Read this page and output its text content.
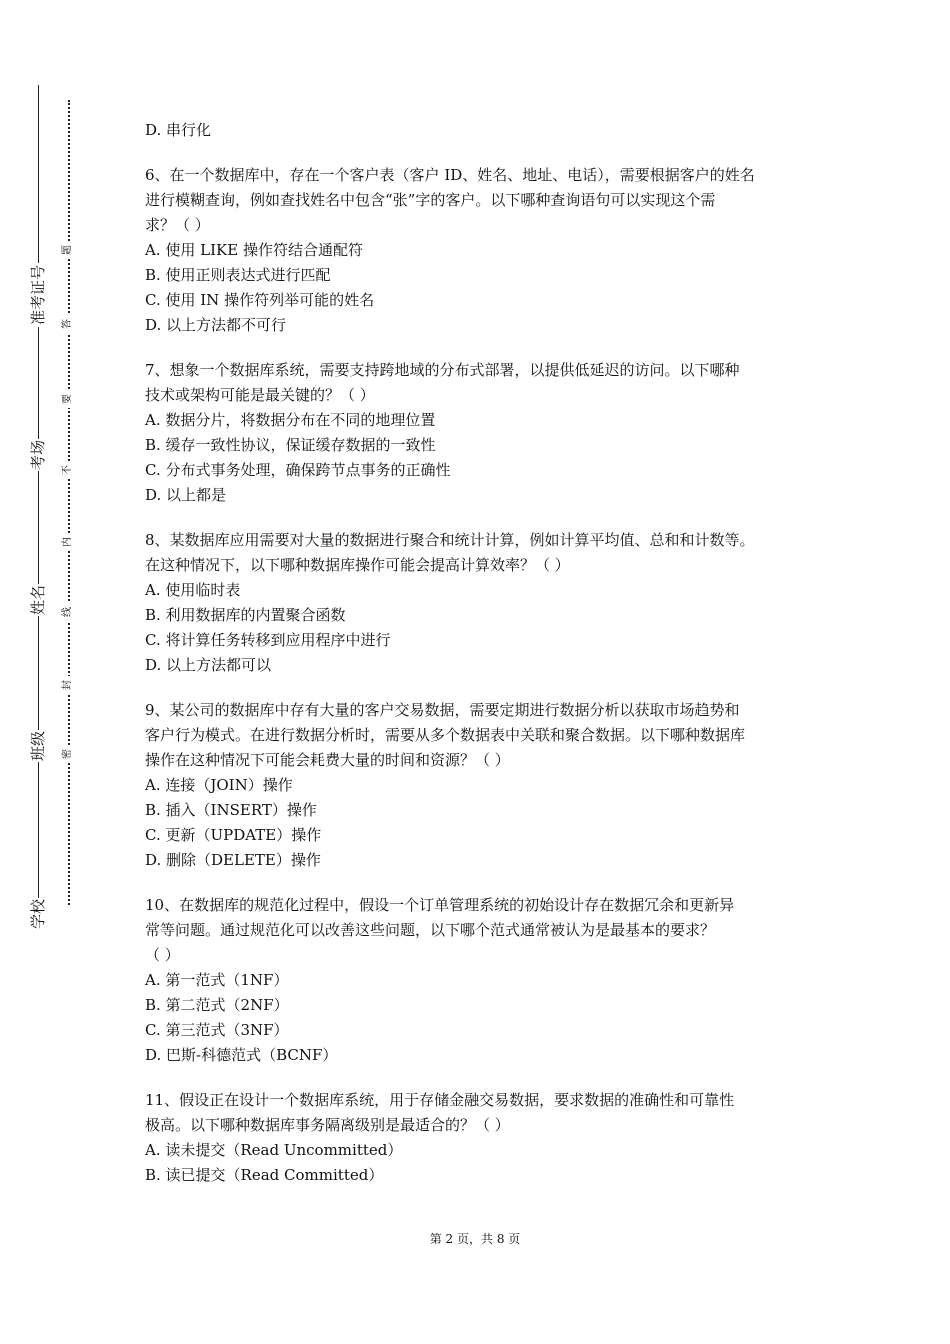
学校
班级
姓名
考场
准考证号
密
封
线
内
不
要
答
题
D. 串行化
6、在一个数据库中，存在一个客户表（客户 ID、姓名、地址、电话），需要根据客户的姓名
进行模糊查询，例如查找姓名中包含“张”字的客户。以下哪种查询语句可以实现这个需
求？（ ）
A. 使用 LIKE 操作符结合通配符
B. 使用正则表达式进行匹配
C. 使用 IN 操作符列举可能的姓名
D. 以上方法都不可行
7、想象一个数据库系统，需要支持跨地域的分布式部署，以提供低延迟的访问。以下哪种
技术或架构可能是最关键的？（ ）
A. 数据分片，将数据分布在不同的地理位置
B. 缓存一致性协议，保证缓存数据的一致性
C. 分布式事务处理，确保跨节点事务的正确性
D. 以上都是
8、某数据库应用需要对大量的数据进行聚合和统计计算，例如计算平均值、总和和计数等。
在这种情况下，以下哪种数据库操作可能会提高计算效率？（ ）
A. 使用临时表
B. 利用数据库的内置聚合函数
C. 将计算任务转移到应用程序中进行
D. 以上方法都可以
9、某公司的数据库中存有大量的客户交易数据，需要定期进行数据分析以获取市场趋势和
客户行为模式。在进行数据分析时，需要从多个数据表中关联和聚合数据。以下哪种数据库
操作在这种情况下可能会耗费大量的时间和资源？（ ）
A. 连接（JOIN）操作
B. 插入（INSERT）操作
C. 更新（UPDATE）操作
D. 删除（DELETE）操作
10、在数据库的规范化过程中，假设一个订单管理系统的初始设计存在数据冗余和更新异
常等问题。通过规范化可以改善这些问题，以下哪个范式通常被认为是最基本的要求？
（ ）
A. 第一范式（1NF）
B. 第二范式（2NF）
C. 第三范式（3NF）
D. 巴斯-科德范式（BCNF）
11、假设正在设计一个数据库系统，用于存储金融交易数据，要求数据的准确性和可靠性
极高。以下哪种数据库事务隔离级别是最适合的？（ ）
A. 读未提交（Read Uncommitted）
B. 读已提交（Read Committed）
第 2 页，共 8 页
